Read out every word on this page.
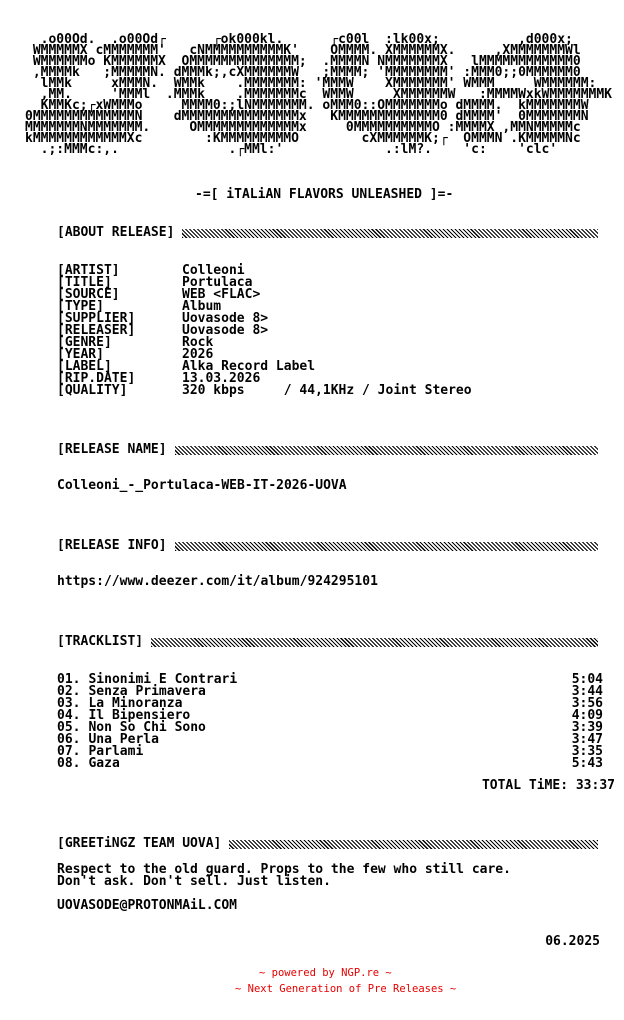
.o00Od.  .o00Od┌      ┌ok000kl.      ┌c00l  :lk00x;          ,d000x;
WMMMMMX cMMMMMMM'   cNMMMMMMMMMMK'    OMMMM. XMMMMMMX.     ,XMMMMMMMWl
WMMMMMMo KMMMMMMX  OMMMMMMMMMMMMMM;  .MMMMN NMMMMMMMX   lMMMMMMMMMMMM0
,MMMMk   ;MMMMMN. dMMMk;,cXMMMMMMW   ;MMMM; 'MMMMMMMM' :MMM0;;0MMMMMM0
lMMk     xMMMN.  WMMk    .MMMMMMM: 'MMMW    XMMMMMMM' WMMM     WMMMMMM:
,MM.     'MMMl  .MMMk    .MMMMMMMc  WMMW     XMMMMMMW   :MMMMWxkWMMMMMMMK
KMMKc;┌xWMMMo     MMMM0:;lNMMMMMMM. oMMM0::OMMMMMMMo dMMMM.  kMMMMMMMW
0MMMMMMMMMMMMMN    dMMMMMMMMMMMMMMMx   KMMMMMMMMMMMMM0 dMMMM'  0MMMMMMMN
MMMMMMMNMMMMMMM.     OMMMMMMMMMMMMMx     0MMMMMMMMMMO :MMMMX ,MMNMMMMMc
kMMMMMMMMMMMMXc        :KMMMMMMMMMO        cXMMMMMMK;┌  OMMMN .KMMMMMNc
.;:MMMc:,.              .┌MMl:'             .:lM?.    'c:    'clc'
-=[ iTALiAN FLAVORS UNLEASHED ]=-
[ABOUT RELEASE]
[ARTIST]	Colleoni
[TITLE]	Portulaca
[SOURCE]	WEB <FLAC>
[TYPE]	Album
[SUPPLIER]	Uovasode 8>
[RELEASER]	Uovasode 8>
[GENRE]	Rock
[YEAR]	2026
[LABEL]	Alka Record Label
[RIP.DATE]	13.03.2026
[QUALITY]	320 kbps     / 44,1KHz / Joint Stereo
[RELEASE NAME]
Colleoni_-_Portulaca-WEB-IT-2026-UOVA
[RELEASE INFO]
https://www.deezer.com/it/album/924295101
[TRACKLIST]
01. Sinonimi E Contrari	5:04
02. Senza Primavera	3:44
03. La Minoranza	3:56
04. Il Bipensiero	4:09
05. Non So Chi Sono	3:39
06. Una Perla	3:47
07. Parlami	3:35
08. Gaza	5:43
TOTAL TiME: 33:37
[GREETiNGZ TEAM UOVA]
Respect to the old guard. Props to the few who still care.
Don't ask. Don't sell. Just listen.
UOVASODE@PROTONMAiL.COM
06.2025
~ powered by NGP.re ~
~ Next Generation of Pre Releases ~
